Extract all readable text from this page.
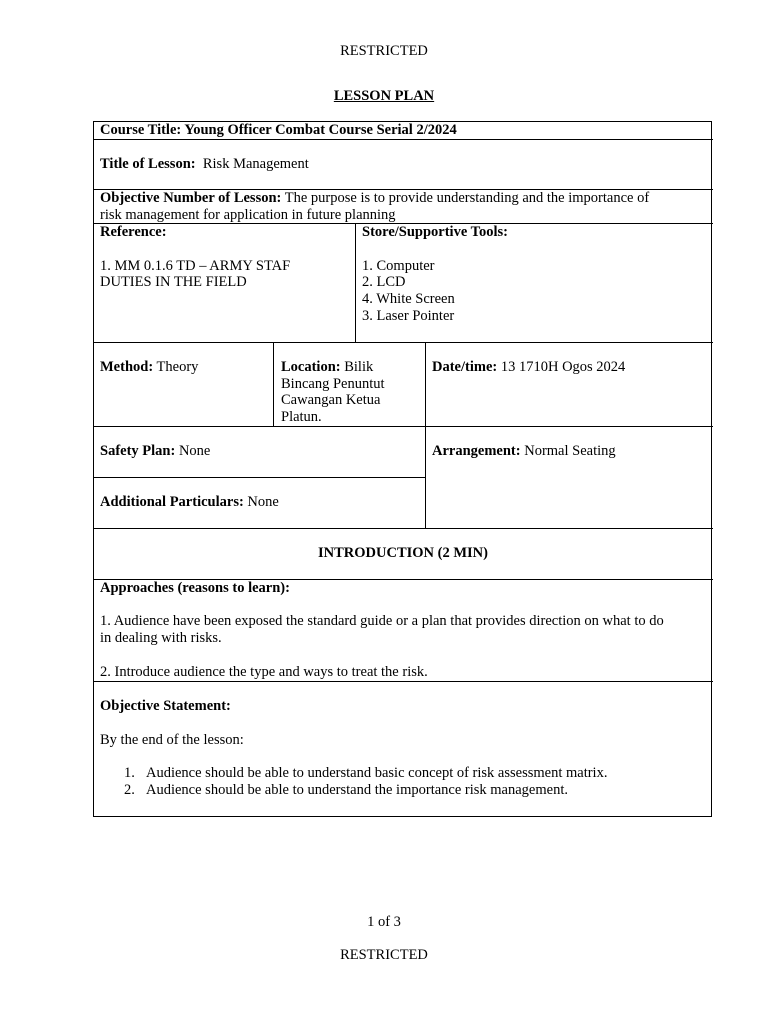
RESTRICTED
LESSON PLAN
Course Title: Young Officer Combat Course Serial 2/2024
Title of Lesson: Risk Management
Objective Number of Lesson: The purpose is to provide understanding and the importance of
risk management for application in future planning
Reference:
1. MM 0.1.6 TD – ARMY STAF
DUTIES IN THE FIELD
Store/Supportive Tools:
1. Computer
2. LCD
4. White Screen
3. Laser Pointer
Method: Theory	Location: Bilik
Bincang Penuntut
Cawangan Ketua
Platun.
Date/time: 13 1710H Ogos 2024
Safety Plan: None	Arrangement: Normal Seating
Additional Particulars: None
INTRODUCTION (2 MIN)
Approaches (reasons to learn):
1. Audience have been exposed the standard guide or a plan that provides direction on what to do
in dealing with risks.
2. Introduce audience the type and ways to treat the risk.
Objective Statement:
By the end of the lesson:
1. Audience should be able to understand basic concept of risk assessment matrix.
2. Audience should be able to understand the importance risk management.
1 of 3
RESTRICTED
